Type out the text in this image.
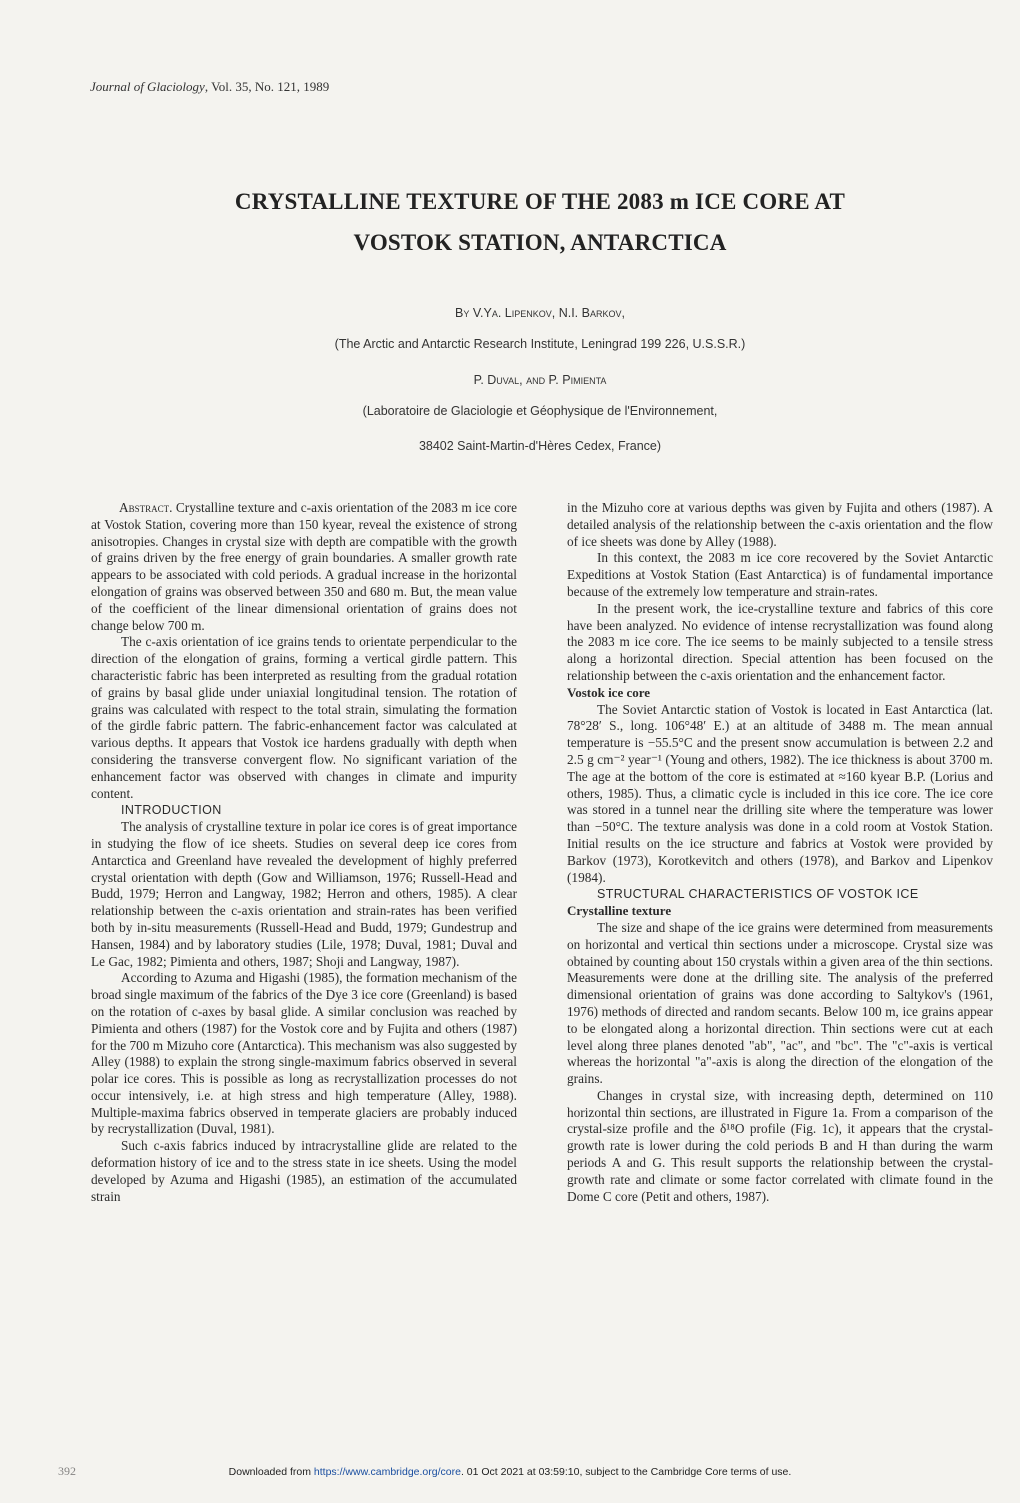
Journal of Glaciology, Vol. 35, No. 121, 1989
CRYSTALLINE TEXTURE OF THE 2083 m ICE CORE AT
VOSTOK STATION, ANTARCTICA
By V.Ya. Lipenkov, N.I. Barkov,
(The Arctic and Antarctic Research Institute, Leningrad 199 226, U.S.S.R.)
P. Duval, and P. Pimienta
(Laboratoire de Glaciologie et Géophysique de l'Environnement,
38402 Saint-Martin-d'Hères Cedex, France)

Abstract. Crystalline texture and c-axis orientation of the 2083 m ice core at Vostok Station, covering more than 150 kyear, reveal the existence of strong anisotropies. Changes in crystal size with depth are compatible with the growth of grains driven by the free energy of grain boundaries. A smaller growth rate appears to be associated with cold periods. A gradual increase in the horizontal elongation of grains was observed between 350 and 680 m. But, the mean value of the coefficient of the linear dimensional orientation of grains does not change below 700 m.

The c-axis orientation of ice grains tends to orientate perpendicular to the direction of the elongation of grains, forming a vertical girdle pattern. This characteristic fabric has been interpreted as resulting from the gradual rotation of grains by basal glide under uniaxial longitudinal tension. The rotation of grains was calculated with respect to the total strain, simulating the formation of the girdle fabric pattern. The fabric-enhancement factor was calculated at various depths. It appears that Vostok ice hardens gradually with depth when considering the transverse convergent flow. No significant variation of the enhancement factor was observed with changes in climate and impurity content.

INTRODUCTION

The analysis of crystalline texture in polar ice cores is of great importance in studying the flow of ice sheets. Studies on several deep ice cores from Antarctica and Greenland have revealed the development of highly preferred crystal orientation with depth (Gow and Williamson, 1976; Russell-Head and Budd, 1979; Herron and Langway, 1982; Herron and others, 1985). A clear relationship between the c-axis orientation and strain-rates has been verified both by in-situ measurements (Russell-Head and Budd, 1979; Gundestrup and Hansen, 1984) and by laboratory studies (Lile, 1978; Duval, 1981; Duval and Le Gac, 1982; Pimienta and others, 1987; Shoji and Langway, 1987).

According to Azuma and Higashi (1985), the formation mechanism of the broad single maximum of the fabrics of the Dye 3 ice core (Greenland) is based on the rotation of c-axes by basal glide. A similar conclusion was reached by Pimienta and others (1987) for the Vostok core and by Fujita and others (1987) for the 700 m Mizuho core (Antarctica). This mechanism was also suggested by Alley (1988) to explain the strong single-maximum fabrics observed in several polar ice cores. This is possible as long as recrystallization processes do not occur intensively, i.e. at high stress and high temperature (Alley, 1988). Multiple-maxima fabrics observed in temperate glaciers are probably induced by recrystallization (Duval, 1981).

Such c-axis fabrics induced by intracrystalline glide are related to the deformation history of ice and to the stress state in ice sheets. Using the model developed by Azuma and Higashi (1985), an estimation of the accumulated strain

in the Mizuho core at various depths was given by Fujita and others (1987). A detailed analysis of the relationship between the c-axis orientation and the flow of ice sheets was done by Alley (1988).

In this context, the 2083 m ice core recovered by the Soviet Antarctic Expeditions at Vostok Station (East Antarctica) is of fundamental importance because of the extremely low temperature and strain-rates.

In the present work, the ice-crystalline texture and fabrics of this core have been analyzed. No evidence of intense recrystallization was found along the 2083 m ice core. The ice seems to be mainly subjected to a tensile stress along a horizontal direction. Special attention has been focused on the relationship between the c-axis orientation and the enhancement factor.

Vostok ice core

The Soviet Antarctic station of Vostok is located in East Antarctica (lat. 78°28′ S., long. 106°48′ E.) at an altitude of 3488 m. The mean annual temperature is −55.5°C and the present snow accumulation is between 2.2 and 2.5 g cm⁻² year⁻¹ (Young and others, 1982). The ice thickness is about 3700 m. The age at the bottom of the core is estimated at ≈160 kyear B.P. (Lorius and others, 1985). Thus, a climatic cycle is included in this ice core. The ice core was stored in a tunnel near the drilling site where the temperature was lower than −50°C. The texture analysis was done in a cold room at Vostok Station. Initial results on the ice structure and fabrics at Vostok were provided by Barkov (1973), Korotkevitch and others (1978), and Barkov and Lipenkov (1984).

STRUCTURAL CHARACTERISTICS OF VOSTOK ICE

Crystalline texture

The size and shape of the ice grains were determined from measurements on horizontal and vertical thin sections under a microscope. Crystal size was obtained by counting about 150 crystals within a given area of the thin sections. Measurements were done at the drilling site. The analysis of the preferred dimensional orientation of grains was done according to Saltykov's (1961, 1976) methods of directed and random secants. Below 100 m, ice grains appear to be elongated along a horizontal direction. Thin sections were cut at each level along three planes denoted "ab", "ac", and "bc". The "c"-axis is vertical whereas the horizontal "a"-axis is along the direction of the elongation of the grains.

Changes in crystal size, with increasing depth, determined on 110 horizontal thin sections, are illustrated in Figure 1a. From a comparison of the crystal-size profile and the δ¹⁸O profile (Fig. 1c), it appears that the crystal-growth rate is lower during the cold periods B and H than during the warm periods A and G. This result supports the relationship between the crystal-growth rate and climate or some factor correlated with climate found in the Dome C core (Petit and others, 1987).

392	Downloaded from https://www.cambridge.org/core. 01 Oct 2021 at 03:59:10, subject to the Cambridge Core terms of use.
